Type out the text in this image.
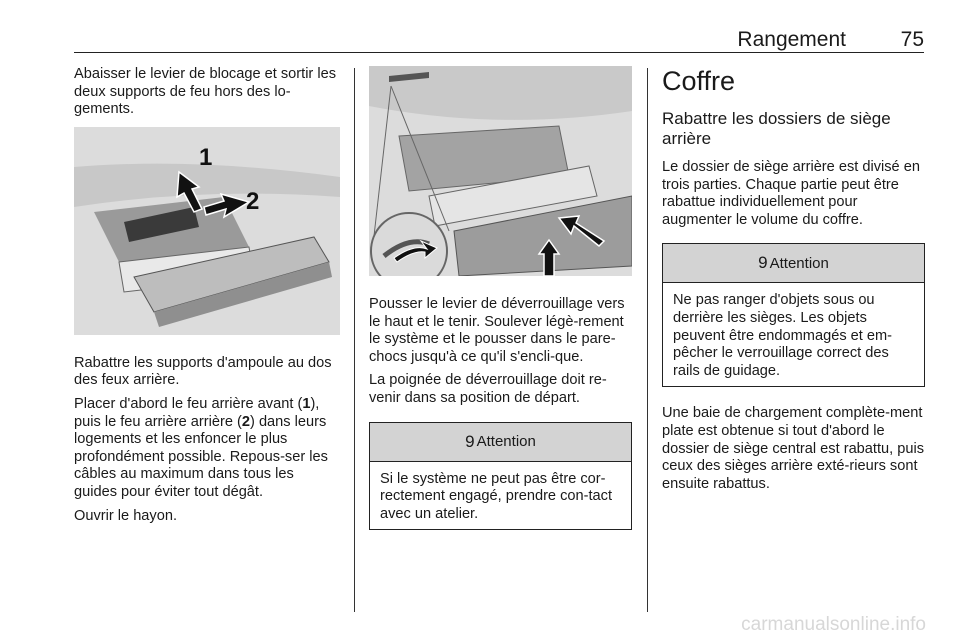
Rangement	75

Abaisser le levier de blocage et sortir les deux supports de feu hors des lo-gements.

1
2

Rabattre les supports d'ampoule au dos des feux arrière.

Placer d'abord le feu arrière avant (1), puis le feu arrière arrière (2) dans leurs logements et les enfoncer le plus profondément possible. Repous-ser les câbles au maximum dans tous les guides pour éviter tout dégât.

Ouvrir le hayon.

Pousser le levier de déverrouillage vers le haut et le tenir. Soulever légè-rement le système et le pousser dans le pare-chocs jusqu'à ce qu'il s'encli-que.

La poignée de déverrouillage doit re-venir dans sa position de départ.

9 Attention

Si le système ne peut pas être cor-rectement engagé, prendre con-tact avec un atelier.

Coffre
Rabattre les dossiers de siège arrière

Le dossier de siège arrière est divisé en trois parties. Chaque partie peut être rabattue individuellement pour augmenter le volume du coffre.

9 Attention

Ne pas ranger d'objets sous ou derrière les sièges. Les objets peuvent être endommagés et em-pêcher le verrouillage correct des rails de guidage.

Une baie de chargement complète-ment plate est obtenue si tout d'abord le dossier de siège central est rabattu, puis ceux des sièges arrière exté-rieurs sont ensuite rabattus.

carmanualsonline.info
